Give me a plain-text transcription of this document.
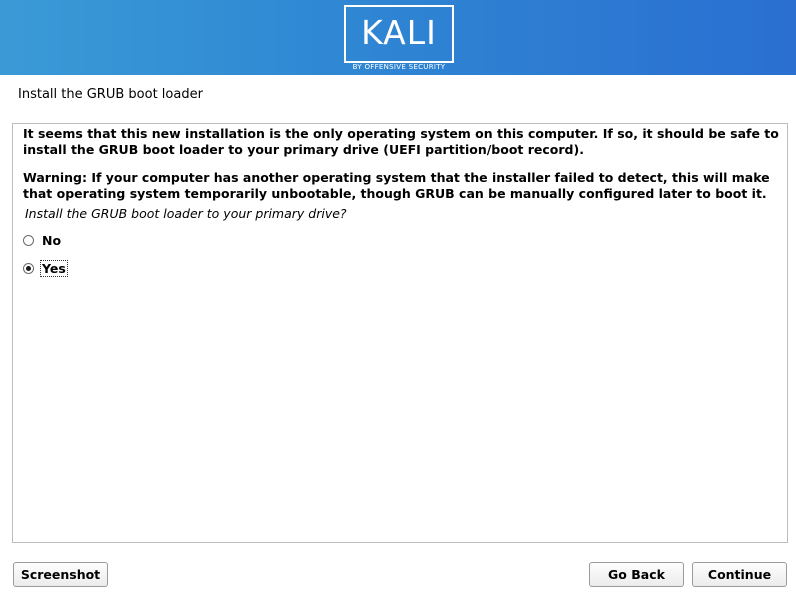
KALI
BY OFFENSIVE SECURITY
Install the GRUB boot loader
It seems that this new installation is the only operating system on this computer. If so, it should be safe to install the GRUB boot loader to your primary drive (UEFI partition/boot record).
Warning: If your computer has another operating system that the installer failed to detect, this will make that operating system temporarily unbootable, though GRUB can be manually configured later to boot it.
Install the GRUB boot loader to your primary drive?
No
Yes
Screenshot	Go Back	Continue
